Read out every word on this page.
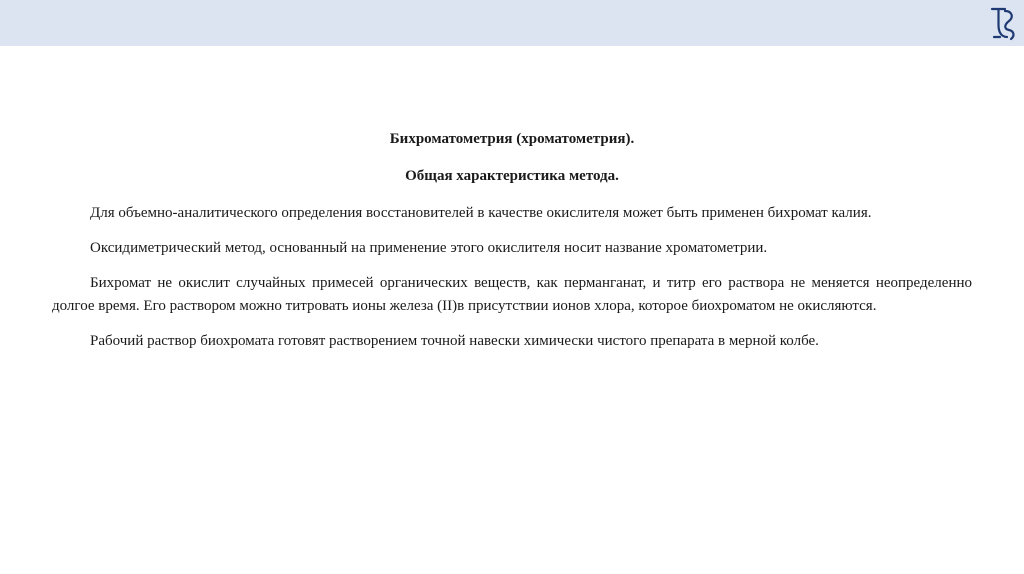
Бихроматометрия (хроматометрия).

Общая характеристика метода.

Для объемно-аналитического определения восстановителей в качестве окислителя может быть применен бихромат калия.

Оксидиметрический метод, основанный на применение этого окислителя носит название хроматометрии.

Бихромат не окислит случайных примесей органических веществ, как перманганат, и титр его раствора не меняется неопределенно долгое время. Его раствором можно титровать ионы железа (II)в присутствии ионов хлора, которое биохроматом не окисляются.

Рабочий раствор биохромата готовят растворением точной навески химически чистого препарата в мерной колбе.
